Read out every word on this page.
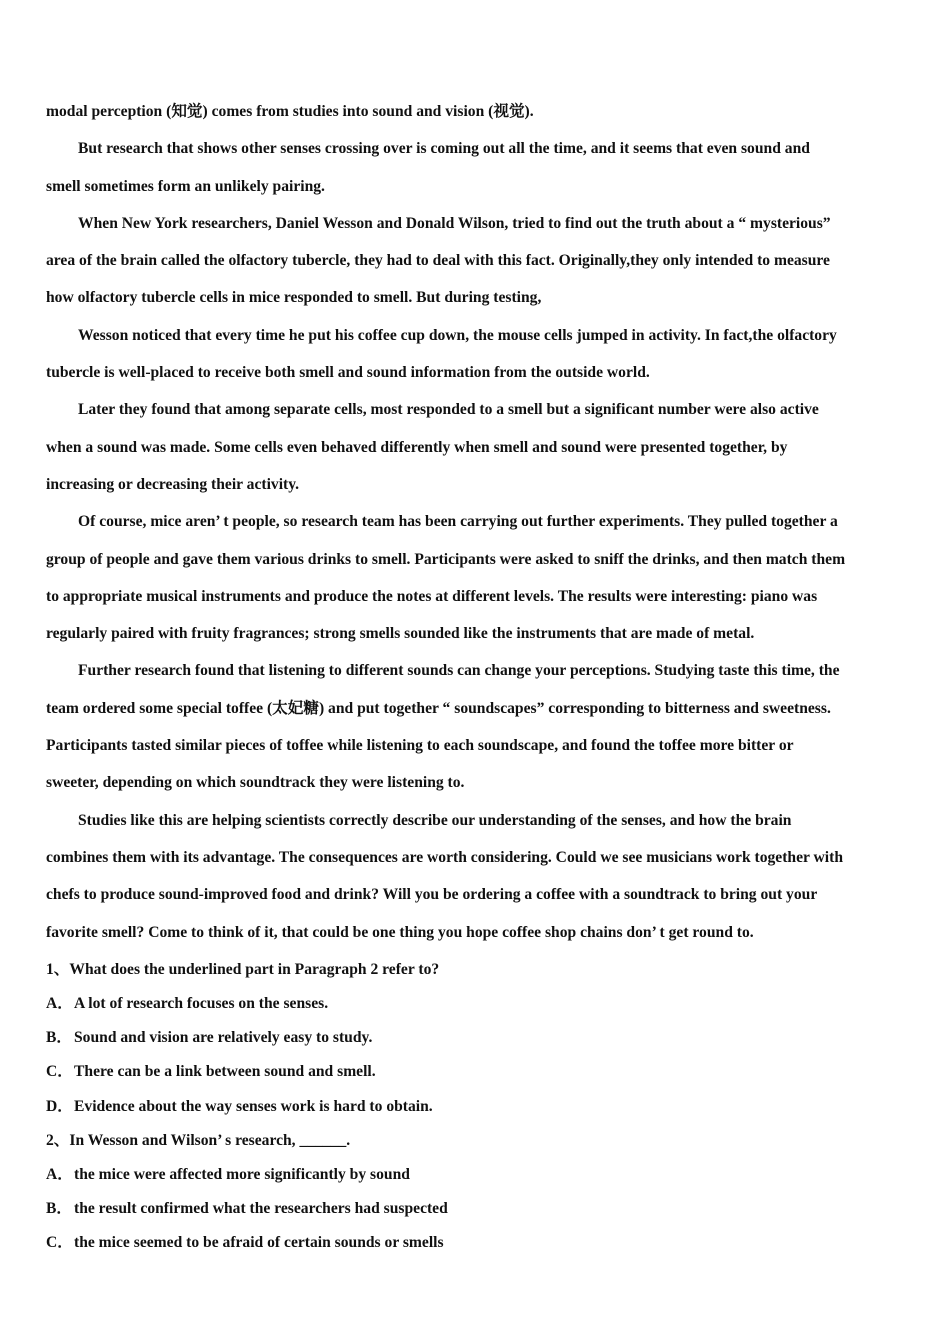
modal perception (知觉) comes from studies into sound and vision (视觉).
But research that shows other senses crossing over is coming out all the time, and it seems that even sound and
smell sometimes form an unlikely pairing.
When New York researchers, Daniel Wesson and Donald Wilson, tried to find out the truth about a “ mysterious”
area of the brain called the olfactory tubercle, they had to deal with this fact. Originally,they only intended to measure
how olfactory tubercle cells in mice responded to smell. But during testing,
Wesson noticed that every time he put his coffee cup down, the mouse cells jumped in activity. In fact,the olfactory
tubercle is well-placed to receive both smell and sound information from the outside world.
Later they found that among separate cells, most responded to a smell but a significant number were also active
when a sound was made. Some cells even behaved differently when smell and sound were presented together, by
increasing or decreasing their activity.
Of course, mice aren’ t people, so research team has been carrying out further experiments. They pulled together a
group of people and gave them various drinks to smell. Participants were asked to sniff the drinks, and then match them
to appropriate musical instruments and produce the notes at different levels. The results were interesting: piano was
regularly paired with fruity fragrances; strong smells sounded like the instruments that are made of metal.
Further research found that listening to different sounds can change your perceptions. Studying taste this time, the
team ordered some special toffee (太妃糖) and put together “ soundscapes” corresponding to bitterness and sweetness.
Participants tasted similar pieces of toffee while listening to each soundscape, and found the toffee more bitter or
sweeter, depending on which soundtrack they were listening to.
Studies like this are helping scientists correctly describe our understanding of the senses, and how the brain
combines them with its advantage. The consequences are worth considering. Could we see musicians work together with
chefs to produce sound-improved food and drink? Will you be ordering a coffee with a soundtrack to bring out your
favorite smell? Come to think of it, that could be one thing you hope coffee shop chains don’ t get round to.
1、What does the underlined part in Paragraph 2 refer to?
A．A lot of research focuses on the senses.
B． Sound and vision are relatively easy to study.
C．There can be a link between sound and smell.
D．Evidence about the way senses work is hard to obtain.
2、In Wesson and Wilson’ s research, ______.
A．the mice were affected more significantly by sound
B． the result confirmed what the researchers had suspected
C．the mice seemed to be afraid of certain sounds or smells
